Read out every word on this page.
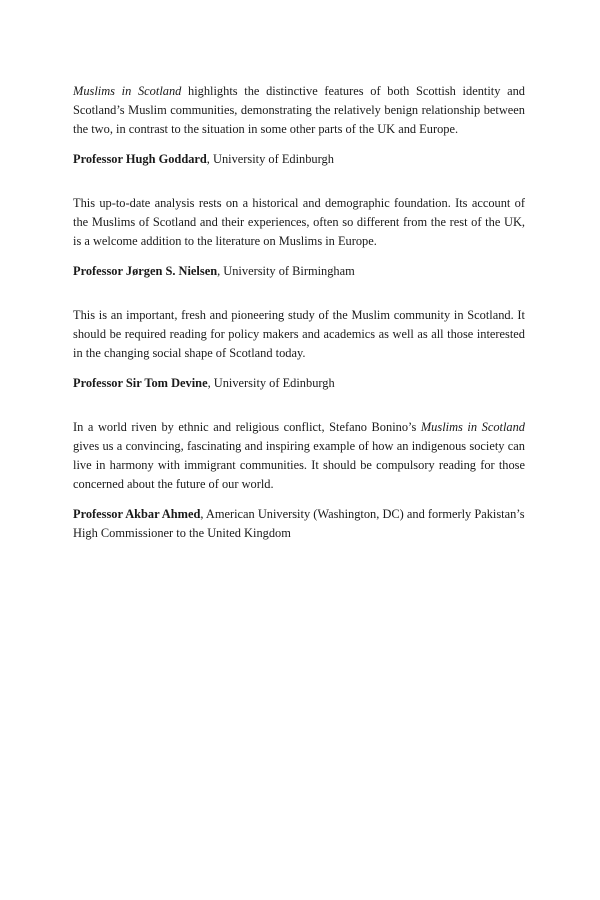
Muslims in Scotland highlights the distinctive features of both Scottish identity and Scotland’s Muslim communities, demonstrating the relatively benign relationship between the two, in contrast to the situation in some other parts of the UK and Europe.

Professor Hugh Goddard, University of Edinburgh

This up-to-date analysis rests on a historical and demographic foundation. Its account of the Muslims of Scotland and their experiences, often so different from the rest of the UK, is a welcome addition to the literature on Muslims in Europe.

Professor Jørgen S. Nielsen, University of Birmingham

This is an important, fresh and pioneering study of the Muslim community in Scotland. It should be required reading for policy makers and academics as well as all those interested in the changing social shape of Scotland today.

Professor Sir Tom Devine, University of Edinburgh

In a world riven by ethnic and religious conflict, Stefano Bonino’s Muslims in Scotland gives us a convincing, fascinating and inspiring example of how an indigenous society can live in harmony with immigrant communities. It should be compulsory reading for those concerned about the future of our world.

Professor Akbar Ahmed, American University (Washington, DC) and formerly Pakistan’s High Commissioner to the United Kingdom
